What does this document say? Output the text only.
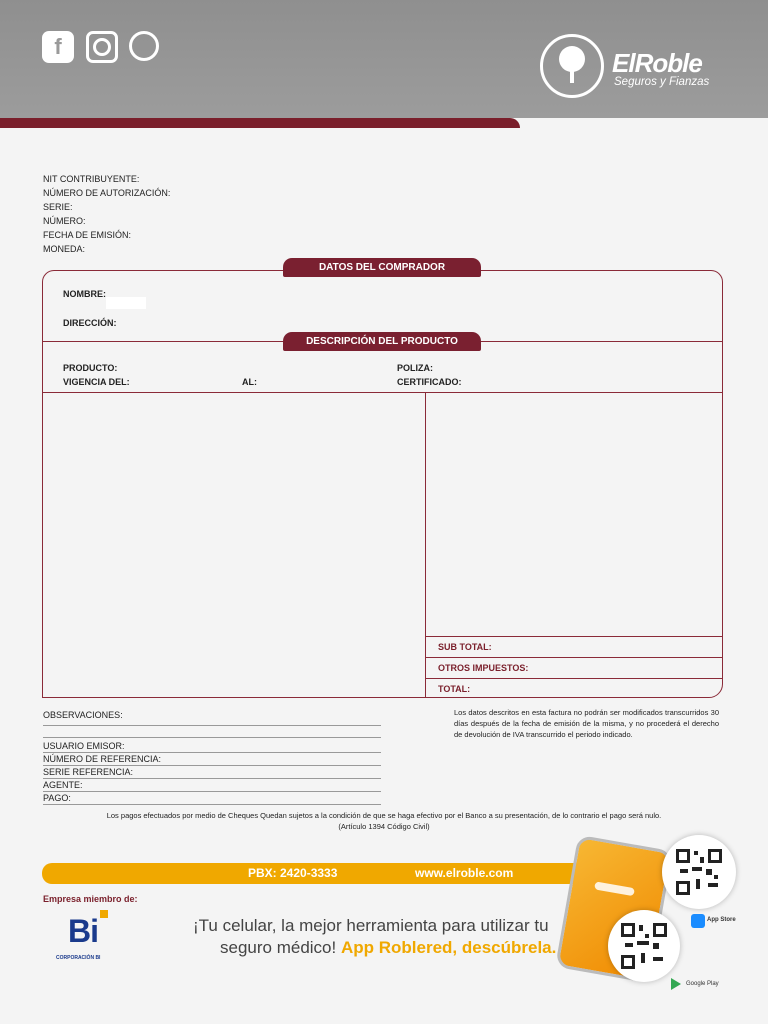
f
ElRoble
Seguros y Fianzas
NIT CONTRIBUYENTE:
NÚMERO DE AUTORIZACIÓN:
SERIE:
NÚMERO:
FECHA DE EMISIÓN:
MONEDA:
DATOS DEL COMPRADOR
NOMBRE:
DIRECCIÓN:
DESCRIPCIÓN DEL PRODUCTO
PRODUCTO:
VIGENCIA DEL:	AL:
POLIZA:
CERTIFICADO:
SUB TOTAL:
OTROS IMPUESTOS:
TOTAL:
OBSERVACIONES:
USUARIO EMISOR:
NÚMERO DE REFERENCIA:
SERIE REFERENCIA:
AGENTE:
PAGO:
Los datos descritos en esta factura no podrán ser modificados transcurridos 30 días después de la fecha de emisión de la misma, y no procederá el derecho de devolución de IVA transcurrido el periodo indicado.
Los pagos efectuados por medio de Cheques Quedan sujetos a la condición de que se haga efectivo por el Banco a su presentación, de lo contrario el pago será nulo.
(Artículo 1394 Código Civil)
PBX: 2420-3333	www.elroble.com
Empresa miembro de:
Bi
CORPORACIÓN BI
¡Tu celular, la mejor herramienta para utilizar tu
seguro médico! App Roblered, descúbrela.
App Store
Google Play
